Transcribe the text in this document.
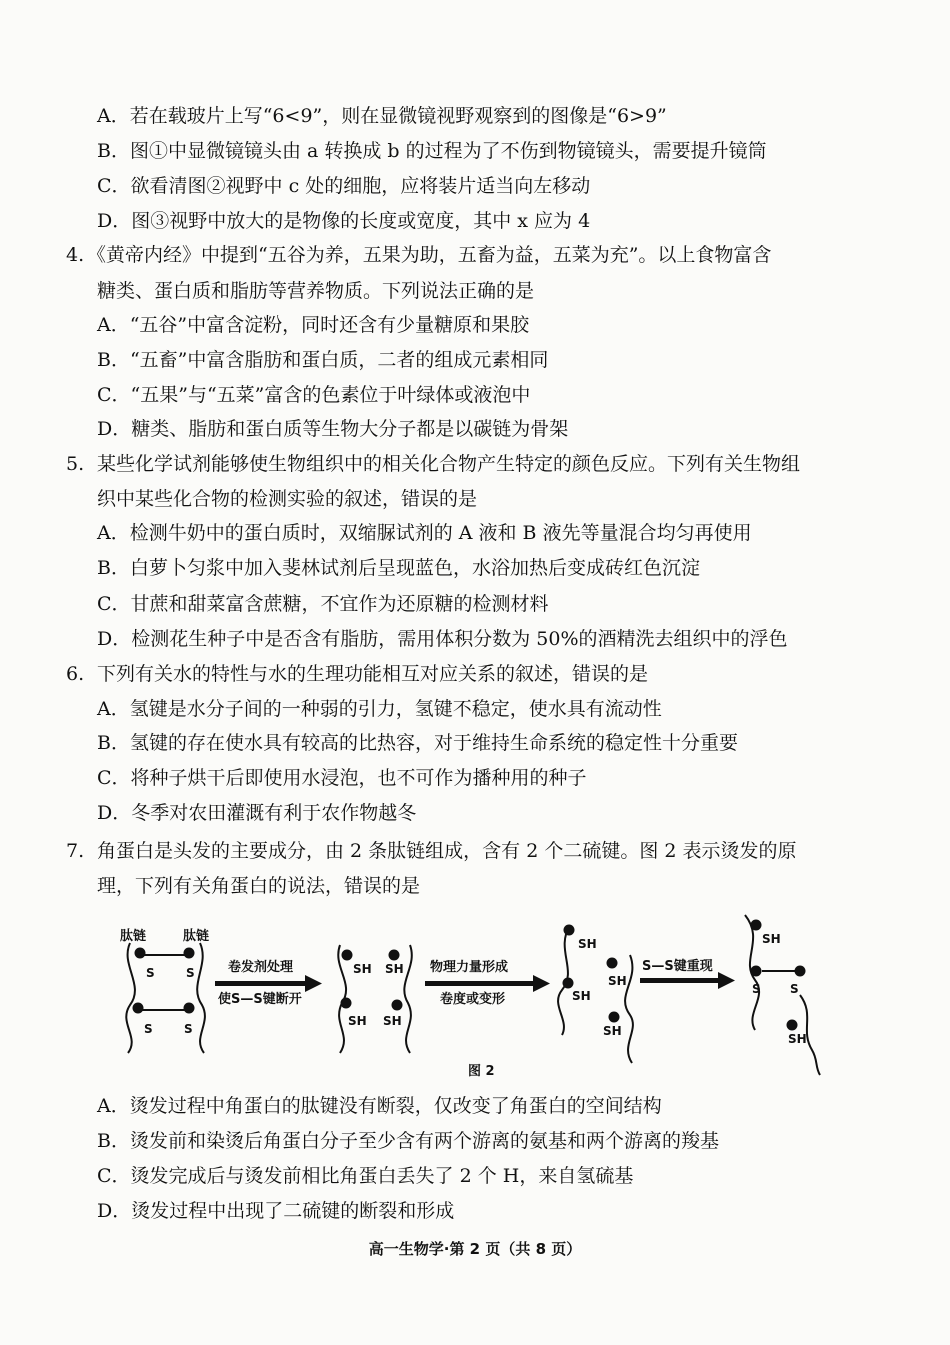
A．若在载玻片上写“6<9”，则在显微镜视野观察到的图像是“6>9”
B．图①中显微镜镜头由 a 转换成 b 的过程为了不伤到物镜镜头，需要提升镜筒
C．欲看清图②视野中 c 处的细胞，应将装片适当向左移动
D．图③视野中放大的是物像的长度或宽度，其中 x 应为 4
4. 《黄帝内经》中提到“五谷为养，五果为助，五畜为益，五菜为充”。以上食物富含
糖类、蛋白质和脂肪等营养物质。下列说法正确的是
A．“五谷”中富含淀粉，同时还含有少量糖原和果胶
B．“五畜”中富含脂肪和蛋白质，二者的组成元素相同
C．“五果”与“五菜”富含的色素位于叶绿体或液泡中
D．糖类、脂肪和蛋白质等生物大分子都是以碳链为骨架
5. 某些化学试剂能够使生物组织中的相关化合物产生特定的颜色反应。下列有关生物组
织中某些化合物的检测实验的叙述，错误的是
A．检测牛奶中的蛋白质时，双缩脲试剂的 A 液和 B 液先等量混合均匀再使用
B．白萝卜匀浆中加入斐林试剂后呈现蓝色，水浴加热后变成砖红色沉淀
C．甘蔗和甜菜富含蔗糖，不宜作为还原糖的检测材料
D．检测花生种子中是否含有脂肪，需用体积分数为 50%的酒精洗去组织中的浮色
6. 下列有关水的特性与水的生理功能相互对应关系的叙述，错误的是
A．氢键是水分子间的一种弱的引力，氢键不稳定，使水具有流动性
B．氢键的存在使水具有较高的比热容，对于维持生命系统的稳定性十分重要
C．将种子烘干后即使用水浸泡，也不可作为播种用的种子
D．冬季对农田灌溉有利于农作物越冬
7. 角蛋白是头发的主要成分，由 2 条肽链组成，含有 2 个二硫键。图 2 表示烫发的原
理，下列有关角蛋白的说法，错误的是
肽链	肽链
S	S
S	S
卷发剂处理
使S—S键断开
SH SH
SH SH
物理力量形成
卷度或变形
SH
SH
SH
SH
S—S键重现
SH
S S
SH
图 2
A．烫发过程中角蛋白的肽键没有断裂，仅改变了角蛋白的空间结构
B．烫发前和染烫后角蛋白分子至少含有两个游离的氨基和两个游离的羧基
C．烫发完成后与烫发前相比角蛋白丢失了 2 个 H，来自氢硫基
D．烫发过程中出现了二硫键的断裂和形成
高一生物学·第 2 页（共 8 页）
